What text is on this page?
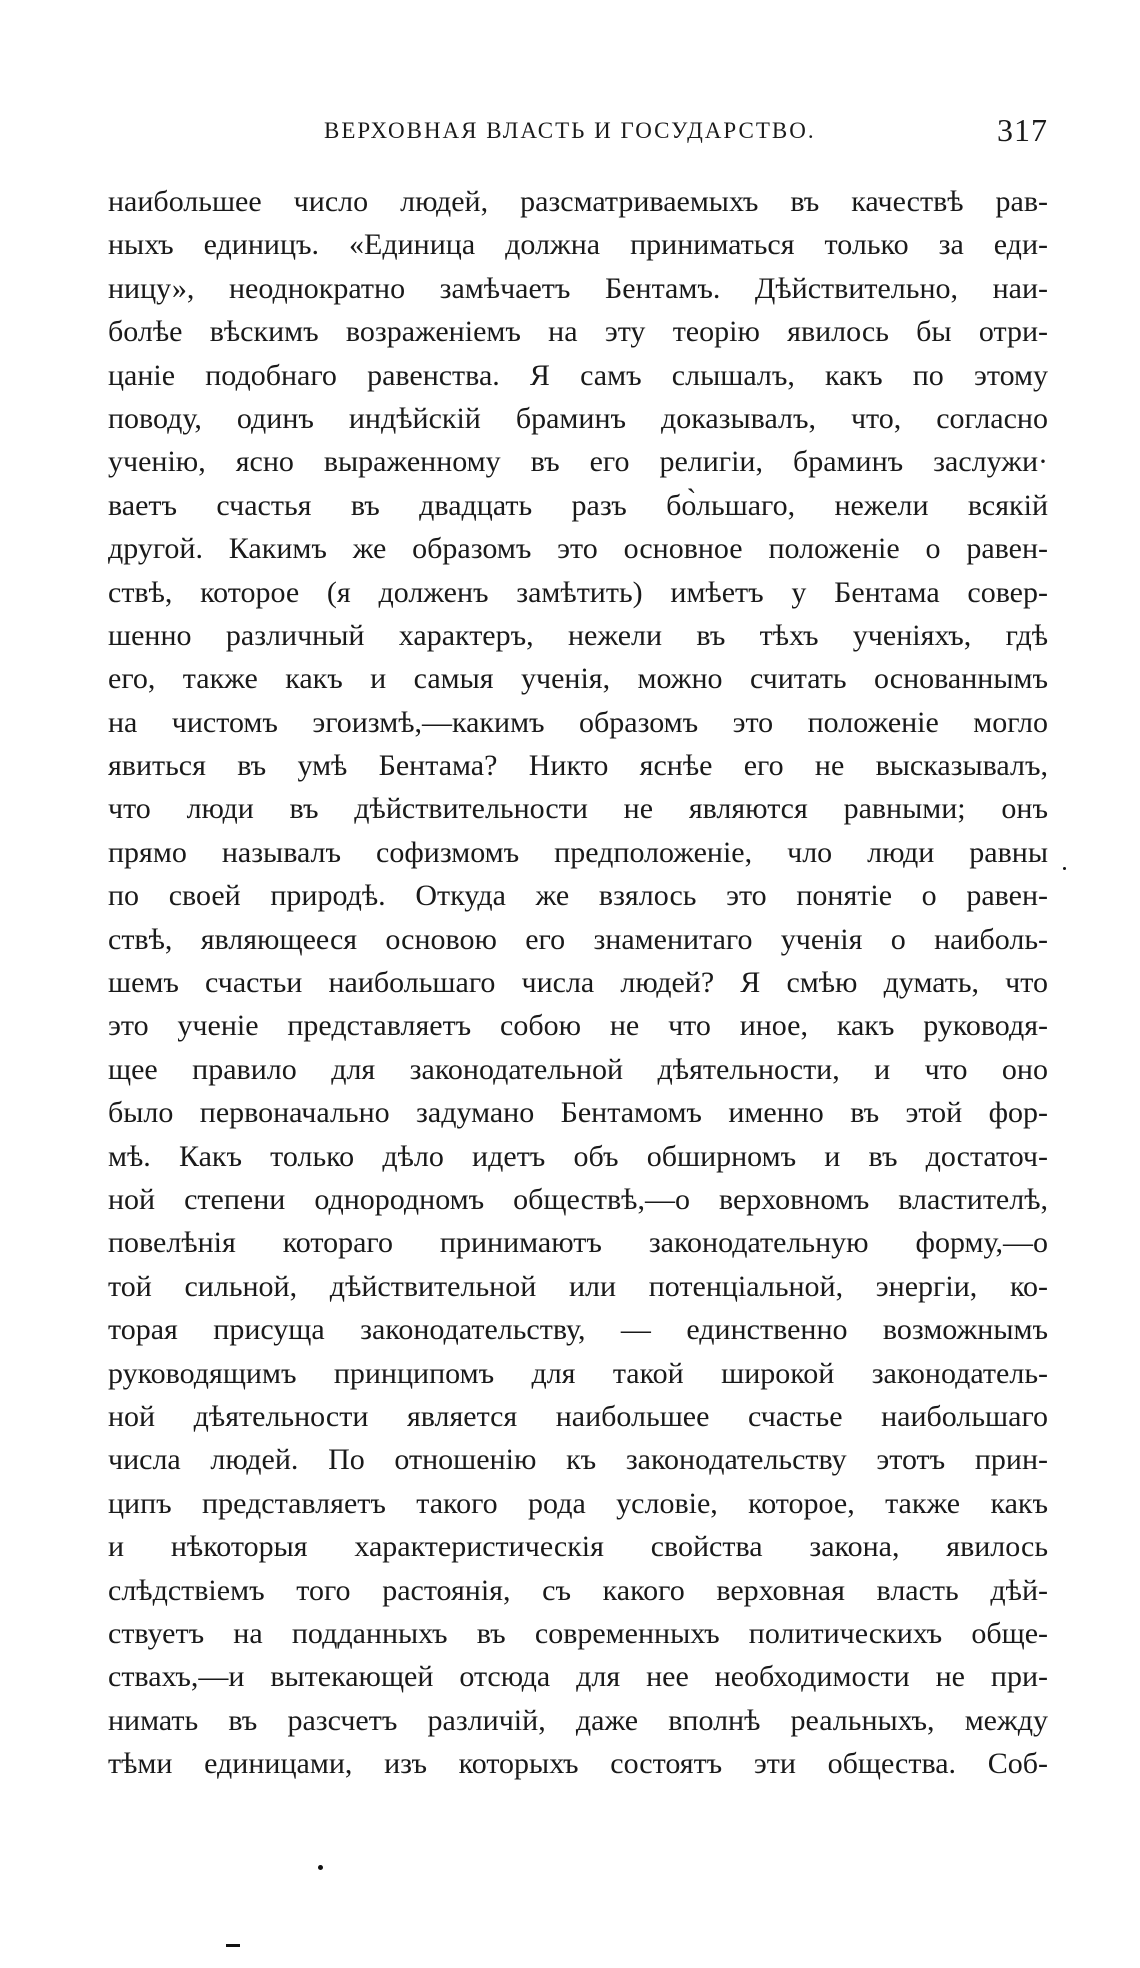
ВЕРХОВНАЯ ВЛАСТЬ И ГОСУДАРСТВО.	317
наибольшее число людей, разсматриваемыхъ въ качествѣ рав-
ныхъ единицъ. «Единица должна приниматься только за еди-
ницу», неоднократно замѣчаетъ Бентамъ. Дѣйствительно, наи-
болѣе вѣскимъ возраженіемъ на эту теорію явилось бы отри-
цаніе подобнаго равенства. Я самъ слышалъ, какъ по этому
поводу, одинъ индѣйскій браминъ доказывалъ, что, согласно
ученію, ясно выраженному въ его религіи, браминъ заслужи·
ваетъ счастья въ двадцать разъ бо̀льшаго, нежели всякій
другой. Какимъ же образомъ это основное положеніе о равен-
ствѣ, которое (я долженъ замѣтить) имѣетъ у Бентама совер-
шенно различный характеръ, нежели въ тѣхъ ученіяхъ, гдѣ
его, также какъ и самыя ученія, можно считать основаннымъ
на чистомъ эгоизмѣ,—какимъ образомъ это положеніе могло
явиться въ умѣ Бентама? Никто яснѣе его не высказывалъ,
что люди въ дѣйствительности не являются равными; онъ
прямо называлъ софизмомъ предположеніе, чло люди равны
по своей природѣ. Откуда же взялось это понятіе о равен-
ствѣ, являющееся основою его знаменитаго ученія о наиболь-
шемъ счастьи наибольшаго числа людей? Я смѣю думать, что
это ученіе представляетъ собою не что иное, какъ руководя-
щее правило для законодательной дѣятельности, и что оно
было первоначально задумано Бентамомъ именно въ этой фор-
мѣ. Какъ только дѣло идетъ объ обширномъ и въ достаточ-
ной степени однородномъ обществѣ,—о верховномъ властителѣ,
повелѣнія котораго принимаютъ законодательную форму,—о
той сильной, дѣйствительной или потенціальной, энергіи, ко-
торая присуща законодательству, — единственно возможнымъ
руководящимъ принципомъ для такой широкой законодатель-
ной дѣятельности является наибольшее счастье наибольшаго
числа людей. По отношенію къ законодательству этотъ прин-
ципъ представляетъ такого рода условіе, которое, также какъ
и нѣкоторыя характеристическія свойства закона, явилось
слѣдствіемъ того растоянія, съ какого верховная власть дѣй-
ствуетъ на подданныхъ въ современныхъ политическихъ обще-
ствахъ,—и вытекающей отсюда для нее необходимости не при-
нимать въ разсчетъ различій, даже вполнѣ реальныхъ, между
тѣми единицами, изъ которыхъ состоятъ эти общества. Соб-
